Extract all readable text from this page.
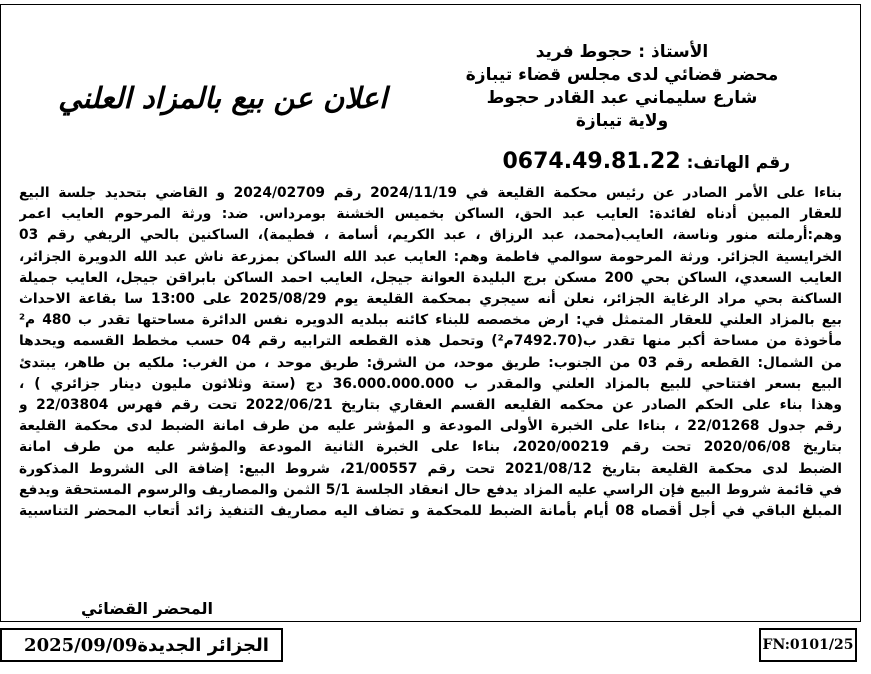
اعلان عن بيع بالمزاد العلني
الأستاذ : حجوط فريد
محضر قضائي لدى مجلس قضاء تيبازة
شارع سليماني عبد القادر حجوط
ولاية تيبازة
رقم الهاتف: 0674.49.81.22
بناءا على الأمر الصادر عن رئيس محكمة القليعة في 2024/11/19 رقم 2024/02709 و القاضي بتحديد جلسة البيع
للعقار المبين أدناه لفائدة: العايب عبد الحق، الساكن بخميس الخشنة بومرداس. ضد: ورثة المرحوم العايب اعمر
وهم:أرملته منور وناسة، العايب(محمد، عبد الرزاق ، عبد الكريم، أسامة ، فطيمة)، الساكنين بالحي الريفي رقم 03
الخرايسية الجزائر. ورثة المرحومة سوالمي فاطمة وهم: العايب عبد الله الساكن بمزرعة ناش عبد الله الدويرة الجزائر،
العايب السعدي، الساكن بحي 200 مسكن برج البليدة العوانة جيجل، العايب احمد الساكن بابراقن جيجل، العايب جميلة
الساكنة بحي مراد الرغاية الجزائر، نعلن أنه سيجري بمحكمة القليعة يوم 2025/08/29 على 13:00 سا بقاعة الاحداث
بيع بالمزاد العلني للعقار المتمثل في: ارض مخصصه للبناء كائنه ببلديه الدويره نفس الدائرة مساحتها تقدر ب 480 م²
مأخوذة من مساحة أكبر منها تقدر ب(7492.70م²) وتحمل هذه القطعه الترابيه رقم 04 حسب مخطط القسمه ويحدها
من الشمال: القطعه رقم 03 من الجنوب: طريق موحد، من الشرق: طريق موحد ، من الغرب: ملكيه بن طاهر، يبتدئ
البيع بسعر افتتاحي للبيع بالمزاد العلني والمقدر ب 36.000.000.000 دج (ستة وثلاثون مليون دينار جزائري ) ،
وهذا بناء على الحكم الصادر عن محكمه القليعه القسم العقاري بتاريخ 2022/06/21 تحت رقم فهرس 22/03804 و
رقم جدول 22/01268 ، بناءا على الخبرة الأولى المودعة و المؤشر عليه من طرف امانة الضبط لدى محكمة القليعة
بتاريخ 2020/06/08 تحت رقم 2020/00219، بناءا على الخبرة الثانية المودعة والمؤشر عليه من طرف امانة
الضبط لدى محكمة القليعة بتاريخ 2021/08/12 تحت رقم 21/00557، شروط البيع: إضافة الى الشروط المذكورة
في قائمة شروط البيع فإن الراسي عليه المزاد يدفع حال انعقاد الجلسة 5/1 الثمن والمصاريف والرسوم المستحقة ويدفع
المبلغ الباقي في أجل أقصاه 08 أيام بأمانة الضبط للمحكمة و تضاف اليه مصاريف التنفيذ زائد أتعاب المحضر التناسبية
المحضر القضائي
الجزائر الجديدة
2025/09/09	FN:0101/25
